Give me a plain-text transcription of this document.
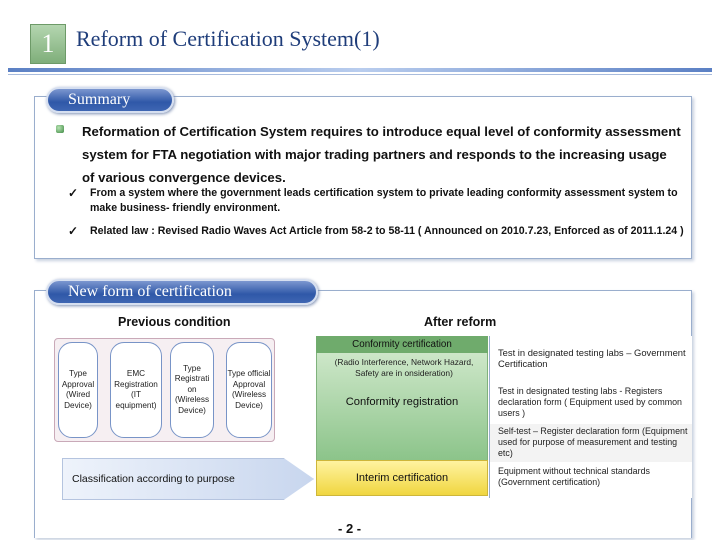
1 Reform of Certification System(1)
Summary
Reformation of Certification System requires to introduce equal level of conformity assessment system for FTA negotiation with major trading partners and responds to the increasing usage of various convergence devices.
✓ From a system where the government leads certification system to private leading conformity assessment system to make business- friendly environment.
✓ Related law : Revised Radio Waves Act Article from 58-2 to 58-11 ( Announced on 2010.7.23, Enforced as of 2011.1.24 )
New form of certification
Previous condition	After reform
Type Approval (Wired Device)
EMC Registration (IT equipment)
Type Registrati on (Wireless Device)
Type official Approval (Wireless Device)
Classification according to purpose
Conformity certification
(Radio Interference, Network Hazard, Safety are in onsideration)
Conformity registration
Interim certification
Test in designated testing labs – Government Certification
Test in designated testing labs - Registers declaration form ( Equipment used by common users )
Self-test – Register declaration form (Equipment used for purpose of measurement and testing etc)
Equipment without technical standards (Government certification)
- 2 -
